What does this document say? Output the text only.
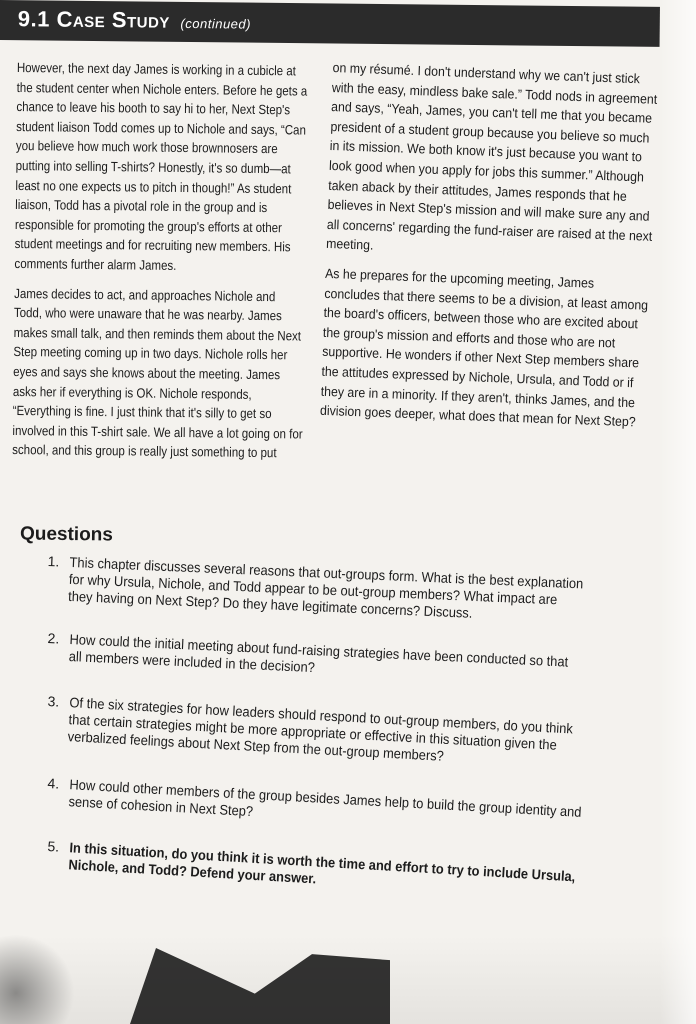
9.1 Case Study (continued)

However, the next day James is working in a cubicle at the student center when Nichole enters. Before he gets a chance to leave his booth to say hi to her, Next Step's student liaison Todd comes up to Nichole and says, “Can you believe how much work those brownnosers are putting into selling T-shirts? Honestly, it's so dumb—at least no one expects us to pitch in though!” As student liaison, Todd has a pivotal role in the group and is responsible for promoting the group's efforts at other student meetings and for recruiting new members. His comments further alarm James.

James decides to act, and approaches Nichole and Todd, who were unaware that he was nearby. James makes small talk, and then reminds them about the Next Step meeting coming up in two days. Nichole rolls her eyes and says she knows about the meeting. James asks her if everything is OK. Nichole responds, “Everything is fine. I just think that it's silly to get so involved in this T-shirt sale. We all have a lot going on for school, and this group is really just something to put

on my résumé. I don't understand why we can't just stick with the easy, mindless bake sale.” Todd nods in agreement and says, “Yeah, James, you can't tell me that you became president of a student group because you believe so much in its mission. We both know it's just because you want to look good when you apply for jobs this summer.” Although taken aback by their attitudes, James responds that he believes in Next Step's mission and will make sure any and all concerns' regarding the fund-raiser are raised at the next meeting.

As he prepares for the upcoming meeting, James concludes that there seems to be a division, at least among the board's officers, between those who are excited about the group's mission and efforts and those who are not supportive. He wonders if other Next Step members share the attitudes expressed by Nichole, Ursula, and Todd or if they are in a minority. If they aren't, thinks James, and the division goes deeper, what does that mean for Next Step?

Questions
1. This chapter discusses several reasons that out-groups form. What is the best explanation for why Ursula, Nichole, and Todd appear to be out-group members? What impact are they having on Next Step? Do they have legitimate concerns? Discuss.
2. How could the initial meeting about fund-raising strategies have been conducted so that all members were included in the decision?
3. Of the six strategies for how leaders should respond to out-group members, do you think that certain strategies might be more appropriate or effective in this situation given the verbalized feelings about Next Step from the out-group members?
4. How could other members of the group besides James help to build the group identity and sense of cohesion in Next Step?
5. In this situation, do you think it is worth the time and effort to try to include Ursula, Nichole, and Todd? Defend your answer.
